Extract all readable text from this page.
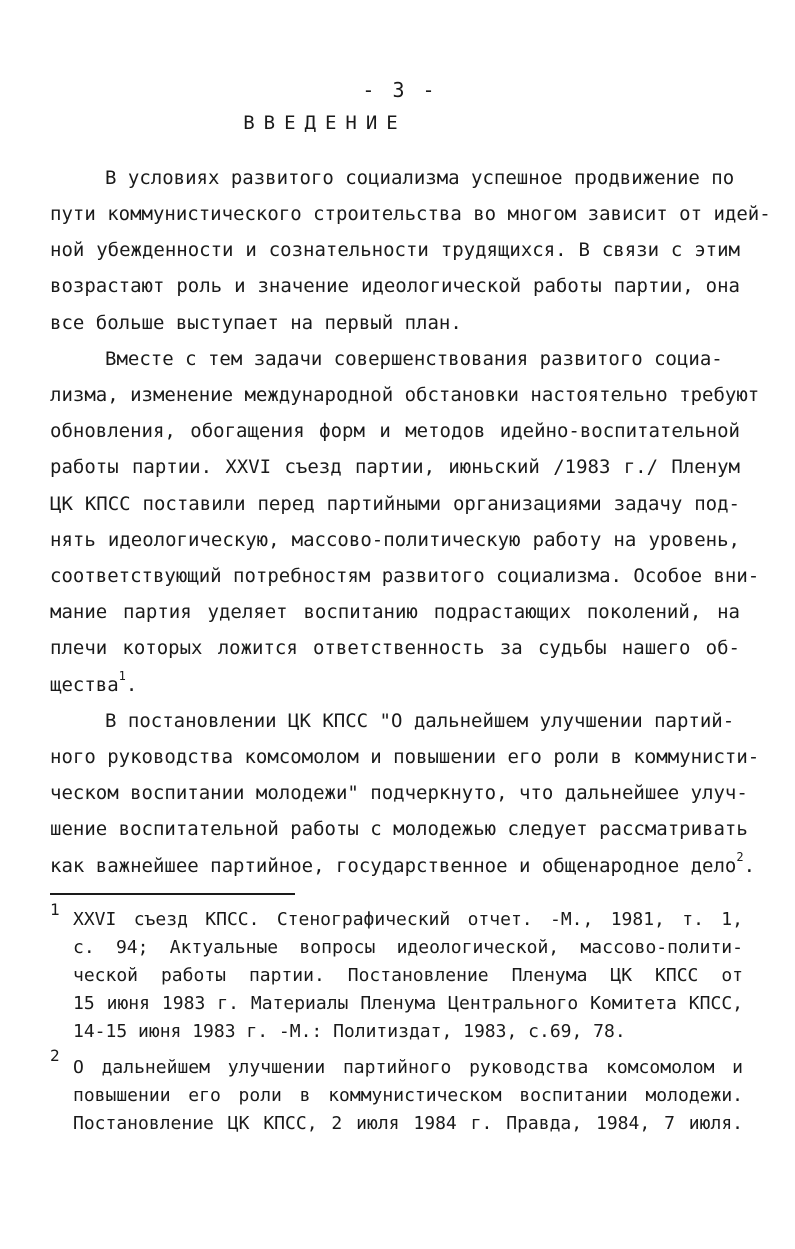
- 3 -
ВВЕДЕНИЕ
В условиях развитого социализма успешное продвижение по
пути коммунистического строительства во многом зависит от идей-
ной убежденности и сознательности трудящихся. В связи с этим
возрастают роль и значение идеологической работы партии, она
все больше выступает на первый план.
Вместе с тем задачи совершенствования развитого социа-
лизма, изменение международной обстановки настоятельно требуют
обновления, обогащения форм и методов идейно-воспитательной
работы партии. ХХVI съезд партии, июньский /1983 г./ Пленум
ЦК КПСС поставили перед партийными организациями задачу под-
нять идеологическую, массово-политическую работу на уровень,
соответствующий потребностям развитого социализма. Особое вни-
мание партия уделяет воспитанию подрастающих поколений, на
плечи которых ложится ответственность за судьбы нашего об-
щества$^1$.
В постановлении ЦК КПСС "О дальнейшем улучшении партий-
ного руководства комсомолом и повышении его роли в коммунисти-
ческом воспитании молодежи" подчеркнуто, что дальнейшее улуч-
шение воспитательной работы с молодежью следует рассматривать
как важнейшее партийное, государственное и общенародное дело$^2$.
1 ХХVI съезд КПСС. Стенографический отчет. -М., 1981, т. 1,
с. 94; Актуальные вопросы идеологической, массово-полити-
ческой работы партии. Постановление Пленума ЦК КПСС от
15 июня 1983 г. Материалы Пленума Центрального Комитета КПСС,
14-15 июня 1983 г. -М.: Политиздат, 1983, с.69, 78.
2
О дальнейшем улучшении партийного руководства комсомолом и
повышении его роли в коммунистическом воспитании молодежи.
Постановление ЦК КПСС, 2 июля 1984 г. Правда, 1984, 7 июля.
